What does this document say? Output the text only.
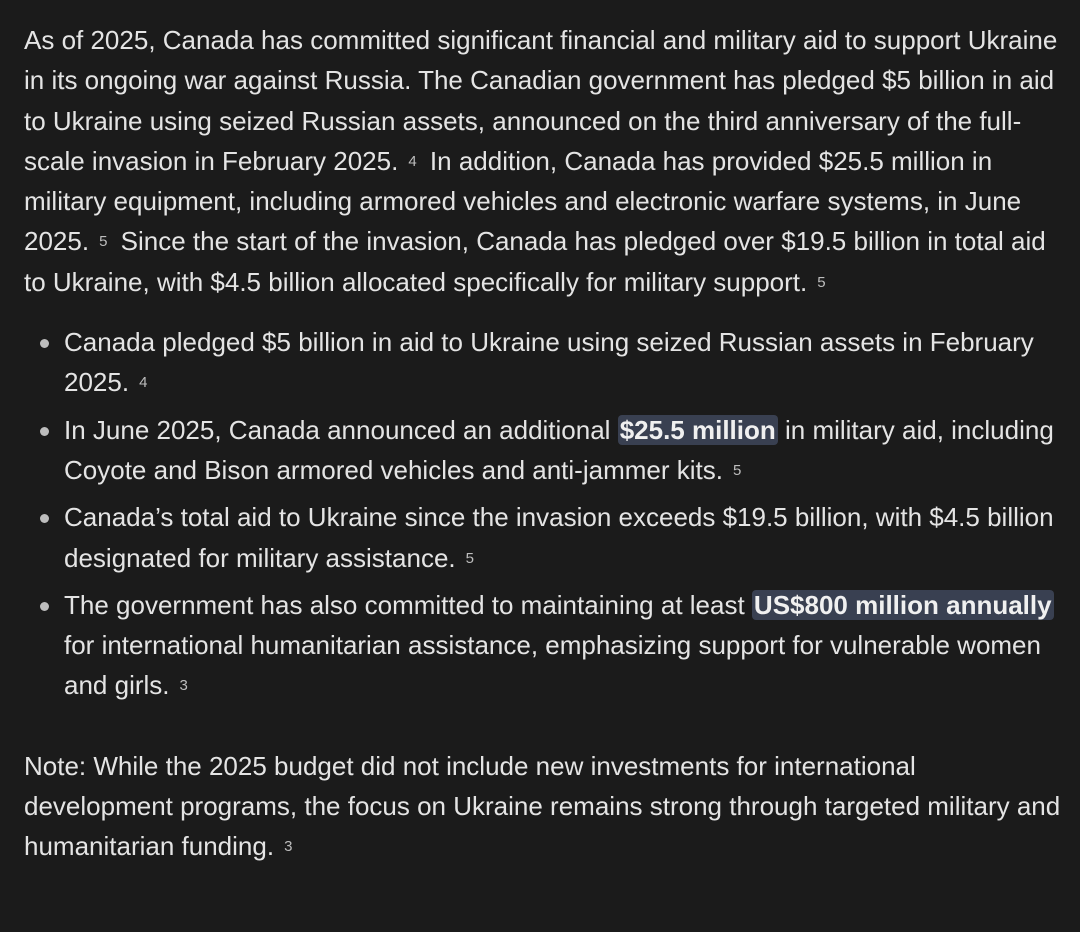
As of 2025, Canada has committed significant financial and military aid to support Ukraine in its ongoing war against Russia. The Canadian government has pledged $5 billion in aid to Ukraine using seized Russian assets, announced on the third anniversary of the full-scale invasion in February 2025. 4 In addition, Canada has provided $25.5 million in military equipment, including armored vehicles and electronic warfare systems, in June 2025. 5 Since the start of the invasion, Canada has pledged over $19.5 billion in total aid to Ukraine, with $4.5 billion allocated specifically for military support. 5

Canada pledged $5 billion in aid to Ukraine using seized Russian assets in February 2025. 4
In June 2025, Canada announced an additional $25.5 million in military aid, including Coyote and Bison armored vehicles and anti-jammer kits. 5
Canada’s total aid to Ukraine since the invasion exceeds $19.5 billion, with $4.5 billion designated for military assistance. 5
The government has also committed to maintaining at least US$800 million annually for international humanitarian assistance, emphasizing support for vulnerable women and girls. 3

Note: While the 2025 budget did not include new investments for international development programs, the focus on Ukraine remains strong through targeted military and humanitarian funding. 3
